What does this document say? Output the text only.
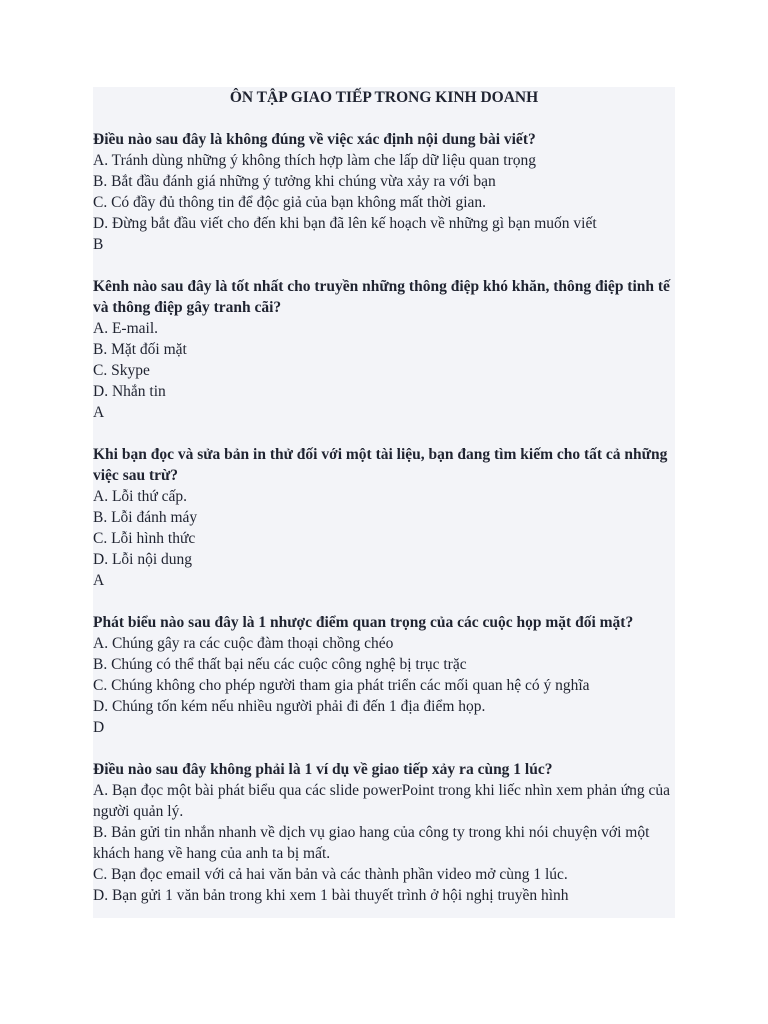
ÔN TẬP GIAO TIẾP TRONG KINH DOANH

Điều nào sau đây là không đúng về việc xác định nội dung bài viết?

A. Tránh dùng những ý không thích hợp làm che lấp dữ liệu quan trọng

B. Bắt đầu đánh giá những ý tưởng khi chúng vừa xảy ra với bạn

C. Có đầy đủ thông tin để độc giả của bạn không mất thời gian.

D. Đừng bắt đầu viết cho đến khi bạn đã lên kế hoạch về những gì bạn muốn viết

B

Kênh nào sau đây là tốt nhất cho truyền những thông điệp khó khăn, thông điệp tinh tế và thông điệp gây tranh cãi?

A. E-mail.

B. Mặt đối mặt

C. Skype

D. Nhắn tin

A

Khi bạn đọc và sửa bản in thử đối với một tài liệu, bạn đang tìm kiếm cho tất cả những việc sau trừ?

A. Lỗi thứ cấp.

B. Lỗi đánh máy

C. Lỗi hình thức

D. Lỗi nội dung

A

Phát biểu nào sau đây là 1 nhược điểm quan trọng của các cuộc họp mặt đối mặt?

A. Chúng gây ra các cuộc đàm thoại chồng chéo

B. Chúng có thể thất bại nếu các cuộc công nghệ bị trục trặc

C. Chúng không cho phép người tham gia phát triển các mối quan hệ có ý nghĩa

D. Chúng tốn kém nếu nhiều người phải đi đến 1 địa điểm họp.

D

Điều nào sau đây không phải là 1 ví dụ về giao tiếp xảy ra cùng 1 lúc?

A. Bạn đọc một bài phát biểu qua các slide powerPoint trong khi liếc nhìn xem phản ứng của người quản lý.

B. Bản gửi tin nhắn nhanh về dịch vụ giao hang của công ty trong khi nói chuyện với một khách hang về hang của anh ta bị mất.

C. Bạn đọc email với cả hai văn bản và các thành phần video mở cùng 1 lúc.

D. Bạn gửi 1 văn bản trong khi xem 1 bài thuyết trình ở hội nghị truyền hình
